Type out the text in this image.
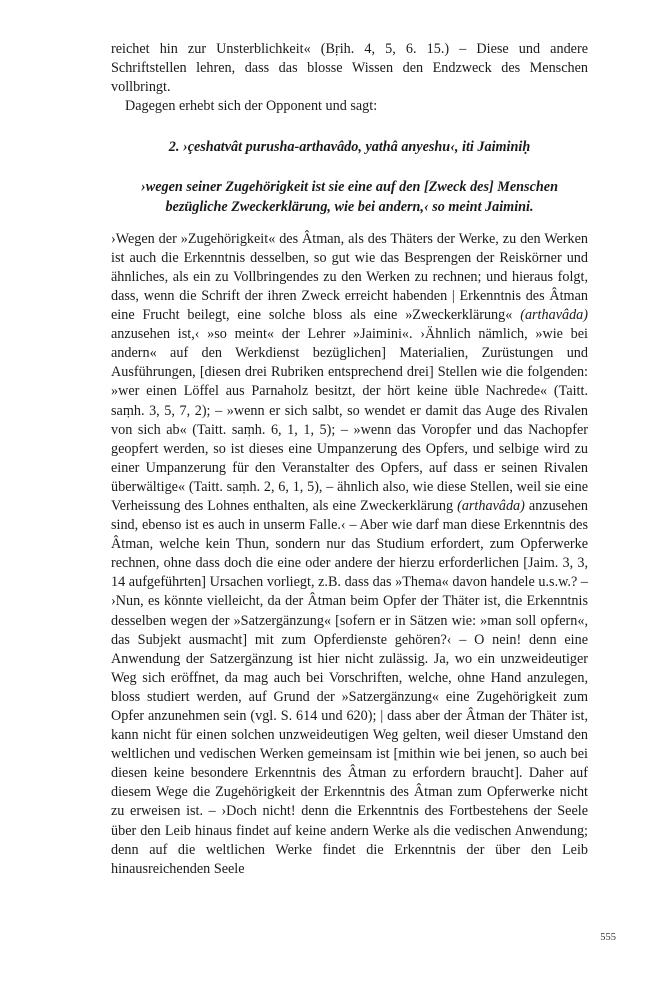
reichet hin zur Unsterblichkeit« (Bṛih. 4, 5, 6. 15.) – Diese und andere Schriftstellen lehren, dass das blosse Wissen den Endzweck des Menschen vollbringt.

Dagegen erhebt sich der Opponent und sagt:

2. ›çeshatvât purusha-arthavâdo, yathâ anyeshu‹, iti Jaiminiḥ

›wegen seiner Zugehörigkeit ist sie eine auf den [Zweck des] Menschen bezügliche Zweckerklärung, wie bei andern,‹ so meint Jaimini.

›Wegen der »Zugehörigkeit« des Âtman, als des Thäters der Werke, zu den Werken ist auch die Erkenntnis desselben, so gut wie das Besprengen der Reiskörner und ähnliches, als ein zu Vollbringendes zu den Werken zu rechnen; und hieraus folgt, dass, wenn die Schrift der ihren Zweck erreicht habenden | Erkenntnis des Âtman eine Frucht beilegt, eine solche bloss als eine »Zweckerklärung« (arthavâda) anzusehen ist,‹ »so meint« der Lehrer »Jaimini«. ›Ähnlich nämlich, »wie bei andern« auf den Werkdienst bezüglichen] Materialien, Zurüstungen und Ausführungen, [diesen drei Rubriken entsprechend drei] Stellen wie die folgenden: »wer einen Löffel aus Parnaholz besitzt, der hört keine üble Nachrede« (Taitt. saṃh. 3, 5, 7, 2); – »wenn er sich salbt, so wendet er damit das Auge des Rivalen von sich ab« (Taitt. saṃh. 6, 1, 1, 5); – »wenn das Voropfer und das Nachopfer geopfert werden, so ist dieses eine Umpanzerung des Opfers, und selbige wird zu einer Umpanzerung für den Veranstalter des Opfers, auf dass er seinen Rivalen überwältige« (Taitt. saṃh. 2, 6, 1, 5), – ähnlich also, wie diese Stellen, weil sie eine Verheissung des Lohnes enthalten, als eine Zweckerklärung (arthavâda) anzusehen sind, ebenso ist es auch in unserm Falle.‹ – Aber wie darf man diese Erkenntnis des Âtman, welche kein Thun, sondern nur das Studium erfordert, zum Opferwerke rechnen, ohne dass doch die eine oder andere der hierzu erforderlichen [Jaim. 3, 3, 14 aufgeführten] Ursachen vorliegt, z.B. dass das »Thema« davon handele u.s.w.? – ›Nun, es könnte vielleicht, da der Âtman beim Opfer der Thäter ist, die Erkenntnis desselben wegen der »Satzergänzung« [sofern er in Sätzen wie: »man soll opfern«, das Subjekt ausmacht] mit zum Opferdienste gehören?‹ – O nein! denn eine Anwendung der Satzergänzung ist hier nicht zulässig. Ja, wo ein unzweideutiger Weg sich eröffnet, da mag auch bei Vorschriften, welche, ohne Hand anzulegen, bloss studiert werden, auf Grund der »Satzergänzung« eine Zugehörigkeit zum Opfer anzunehmen sein (vgl. S. 614 und 620); | dass aber der Âtman der Thäter ist, kann nicht für einen solchen unzweideutigen Weg gelten, weil dieser Umstand den weltlichen und vedischen Werken gemeinsam ist [mithin wie bei jenen, so auch bei diesen keine besondere Erkenntnis des Âtman zu erfordern braucht]. Daher auf diesem Wege die Zugehörigkeit der Erkenntnis des Âtman zum Opferwerke nicht zu erweisen ist. – ›Doch nicht! denn die Erkenntnis des Fortbestehens der Seele über den Leib hinaus findet auf keine andern Werke als die vedischen Anwendung; denn auf die weltlichen Werke findet die Erkenntnis der über den Leib hinausreichenden Seele

555
